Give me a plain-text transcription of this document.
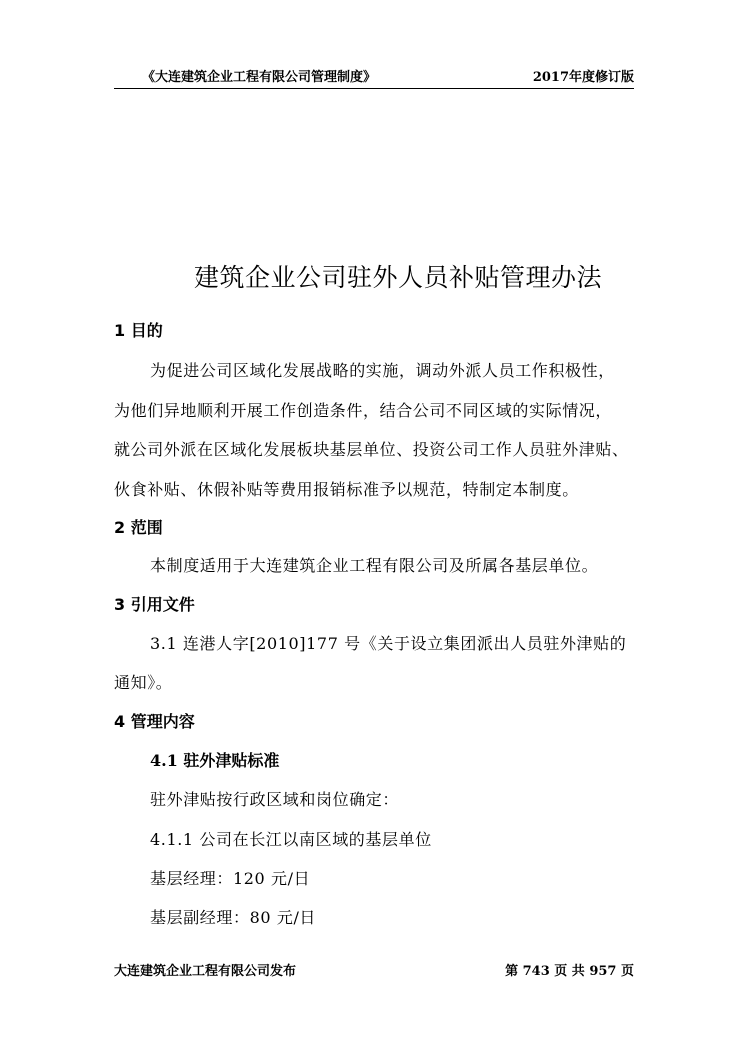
《大连建筑企业工程有限公司管理制度》	2017年度修订版
建筑企业公司驻外人员补贴管理办法
1 目的
为促进公司区域化发展战略的实施，调动外派人员工作积极性，
为他们异地顺利开展工作创造条件，结合公司不同区域的实际情况，
就公司外派在区域化发展板块基层单位、投资公司工作人员驻外津贴、
伙食补贴、休假补贴等费用报销标准予以规范，特制定本制度。
2 范围
本制度适用于大连建筑企业工程有限公司及所属各基层单位。
3 引用文件
3.1 连港人字[2010]177 号《关于设立集团派出人员驻外津贴的
通知》。
4 管理内容
4.1 驻外津贴标准
驻外津贴按行政区域和岗位确定：
4.1.1 公司在长江以南区域的基层单位
基层经理：120 元/日
基层副经理：80 元/日
大连建筑企业工程有限公司发布	第 743 页 共 957 页
